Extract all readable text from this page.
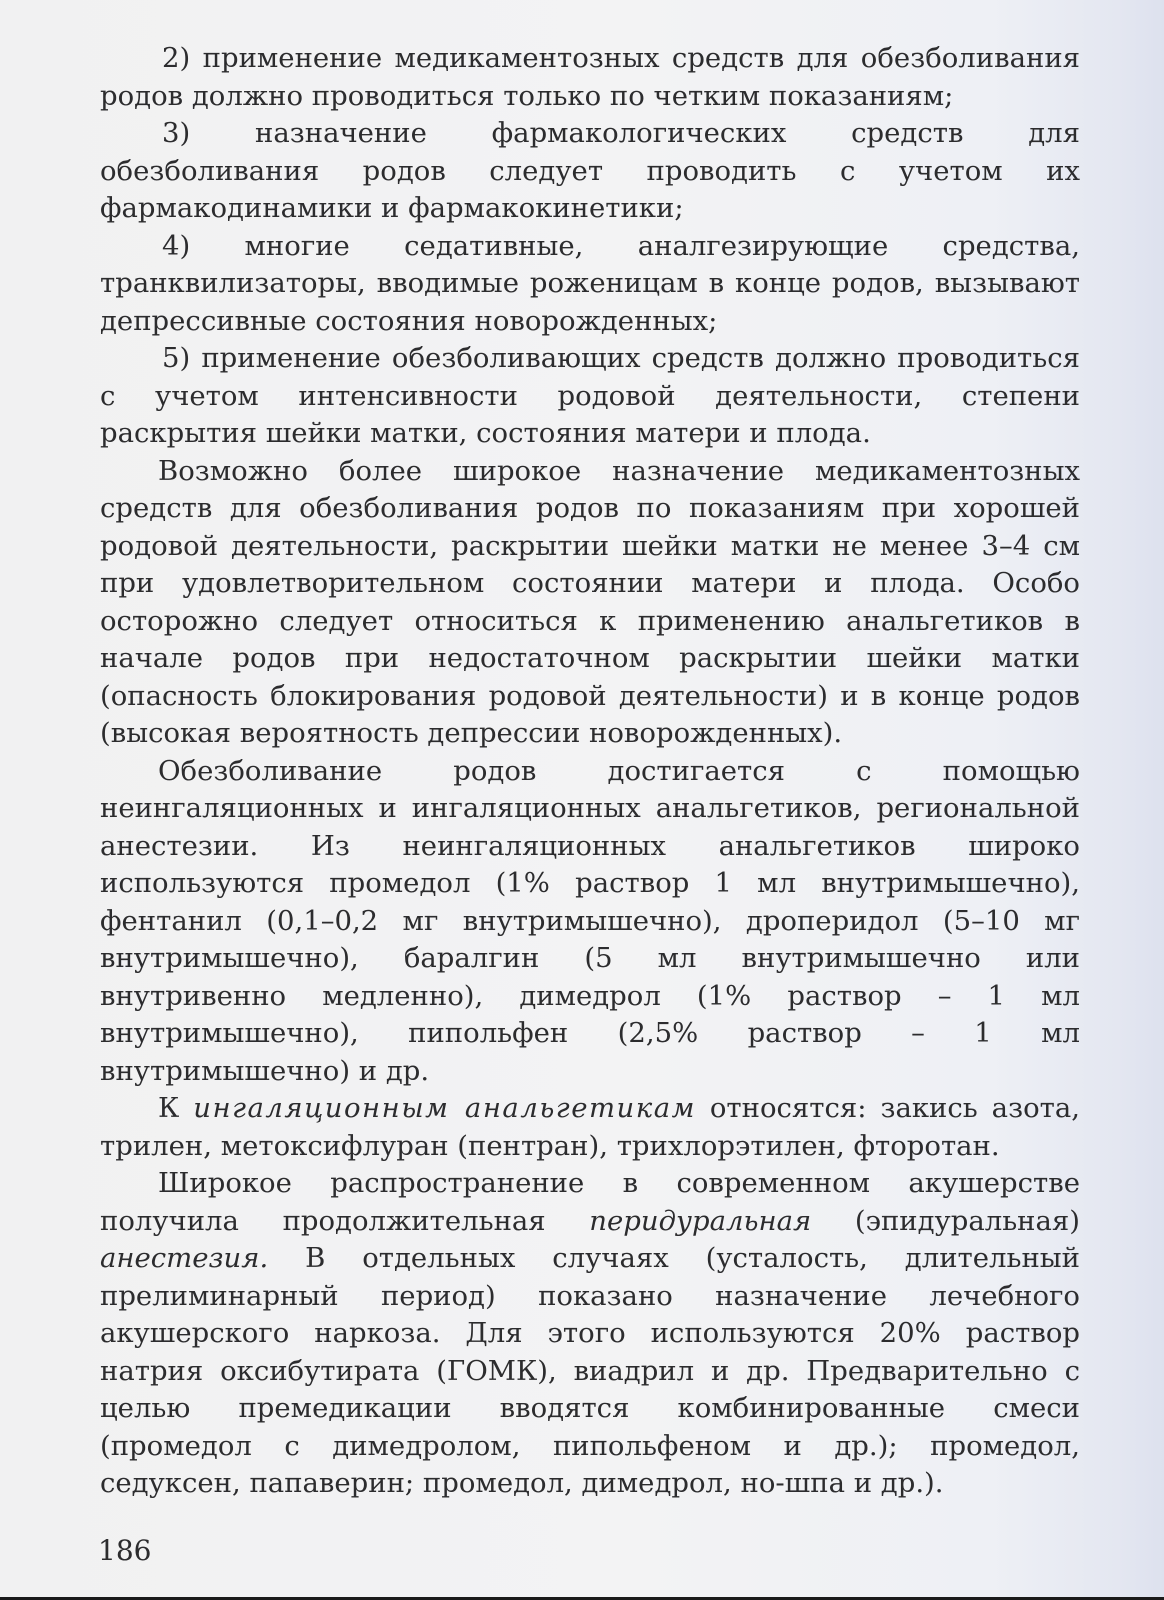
2) применение медикаментозных средств для обезболивания родов должно проводиться только по четким показаниям;

3) назначение фармакологических средств для обезболивания родов следует проводить с учетом их фармакодинамики и фармакокинетики;

4) многие седативные, аналгезирующие средства, транквилизаторы, вводимые роженицам в конце родов, вызывают депрессивные состояния новорожденных;

5) применение обезболивающих средств должно проводиться с учетом интенсивности родовой деятельности, степени раскрытия шейки матки, состояния матери и плода.

Возможно более широкое назначение медикаментозных средств для обезболивания родов по показаниям при хорошей родовой деятельности, раскрытии шейки матки не менее 3–4 см при удовлетворительном состоянии матери и плода. Особо осторожно следует относиться к применению анальгетиков в начале родов при недостаточном раскрытии шейки матки (опасность блокирования родовой деятельности) и в конце родов (высокая вероятность депрессии новорожденных).

Обезболивание родов достигается с помощью неингаляционных и ингаляционных анальгетиков, региональной анестезии. Из неингаляционных анальгетиков широко используются промедол (1% раствор 1 мл внутримышечно), фентанил (0,1–0,2 мг внутримышечно), дроперидол (5–10 мг внутримышечно), баралгин (5 мл внутримышечно или внутривенно медленно), димедрол (1% раствор – 1 мл внутримышечно), пипольфен (2,5% раствор – 1 мл внутримышечно) и др.

К ингаляционным анальгетикам относятся: закись азота, трилен, метоксифлуран (пентран), трихлорэтилен, фторотан.

Широкое распространение в современном акушерстве получила продолжительная перидуральная (эпидуральная) анестезия. В отдельных случаях (усталость, длительный прелиминарный период) показано назначение лечебного акушерского наркоза. Для этого используются 20% раствор натрия оксибутирата (ГОМК), виадрил и др. Предварительно с целью премедикации вводятся комбинированные смеси (промедол с димедролом, пипольфеном и др.); промедол, седуксен, папаверин; промедол, димедрол, но-шпа и др.).

186
